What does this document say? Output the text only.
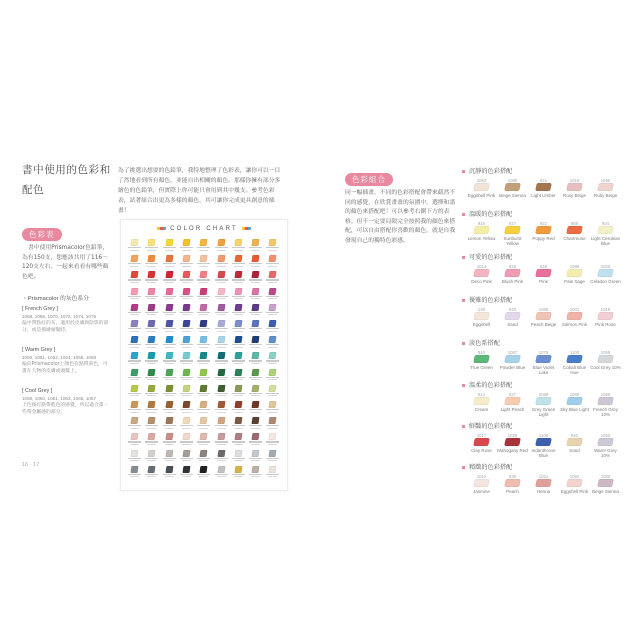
書中使用的色彩和
配色
色彩表
書中使用Prismacolor色鉛筆，為有150支，您應該共用了116～120支左右，一起來看看有哪些顏色吧。
・Prismacolor 的灰色系分
[ French Grey ]
1068, 1069, 1070, 1072, 1074, 1076
偏中帶點紅的灰，適用於皮膚與陰影的部分，或是描繪頭髮時。
[ Warm Grey ]
1050, 1051, 1052, 1054, 1056, 1058
偏向Prismacolor上顏色有點帶黃色，可畫在人物的皮膚或頭髮上。
[ Cool Grey ]
1059, 1060, 1061, 1063, 1065, 1067
上色後有點帶藍色的感覺，所以適合畫一些帶金屬感的部分。
16 · 17
為了挑選出想要的色鉛筆，我特地整理了色彩表，讓你可以一目了然地看到所有顏色，並能自出相關的顏色。那樣你擁有部分多繪色的色鉛筆，但實際上你可能只會用到其中幾支。參考色彩表，試著組合出更為多樣的顏色，其可讓你完成更具創意的插畫！
COLOR CHART
色彩組合
同一幅插畫，不同的色彩搭配會帶來截然不同的感覺，在欣賞畫畫的氛圍中，選擇和諧的顏色來搭配吧！可以參考右側下方的表格。但不一定要局限完全按照我的顏色來搭配，可以自由搭配你喜歡的顏色，就是自我發現自己的獨特色彩感。
沉靜的色彩搭配
1092
Eggshell Pink
1080
Beige Sienna
941
Light Umber
1019
Rosy Beige
1095
Ruby Beige
溫暖的色彩搭配
915
Lemon Yellow
917
Sunburst Yellow
922
Poppy Red
989
Chartreuse
904
Light Cerulean Blue
可愛的色彩搭配
1014
Deco Pink
928
Blush Pink
929
Pink
1089
Pale Sage
1020
Celadon Green
優雅的色彩搭配
140
Eggshell
940
Sand
1085
Peach Beige
1001
Salmon Pink
1018
Pink Rose
淡色系搭配
910
True Green
1087
Powder Blue
1079
Blue Violet Lake
1100
Cobalt Blue Hue
1059
Cool Grey 10%
溫柔的色彩搭配
914
Cream
927
Light Peach
1089
Grey Green Light
1086
Sky Blue Light
1068
French Grey 10%
鮮豔的色彩搭配
1017
Clay Rose
1029
Mahogany Red
1100
Indanthrone Blue
940
Sand
1050
Warm Grey 10%
精緻的色彩搭配
1012
Jasmine
939
Peach
1031
Henna
1092
Eggshell Pink
1080
Beige Sienna
